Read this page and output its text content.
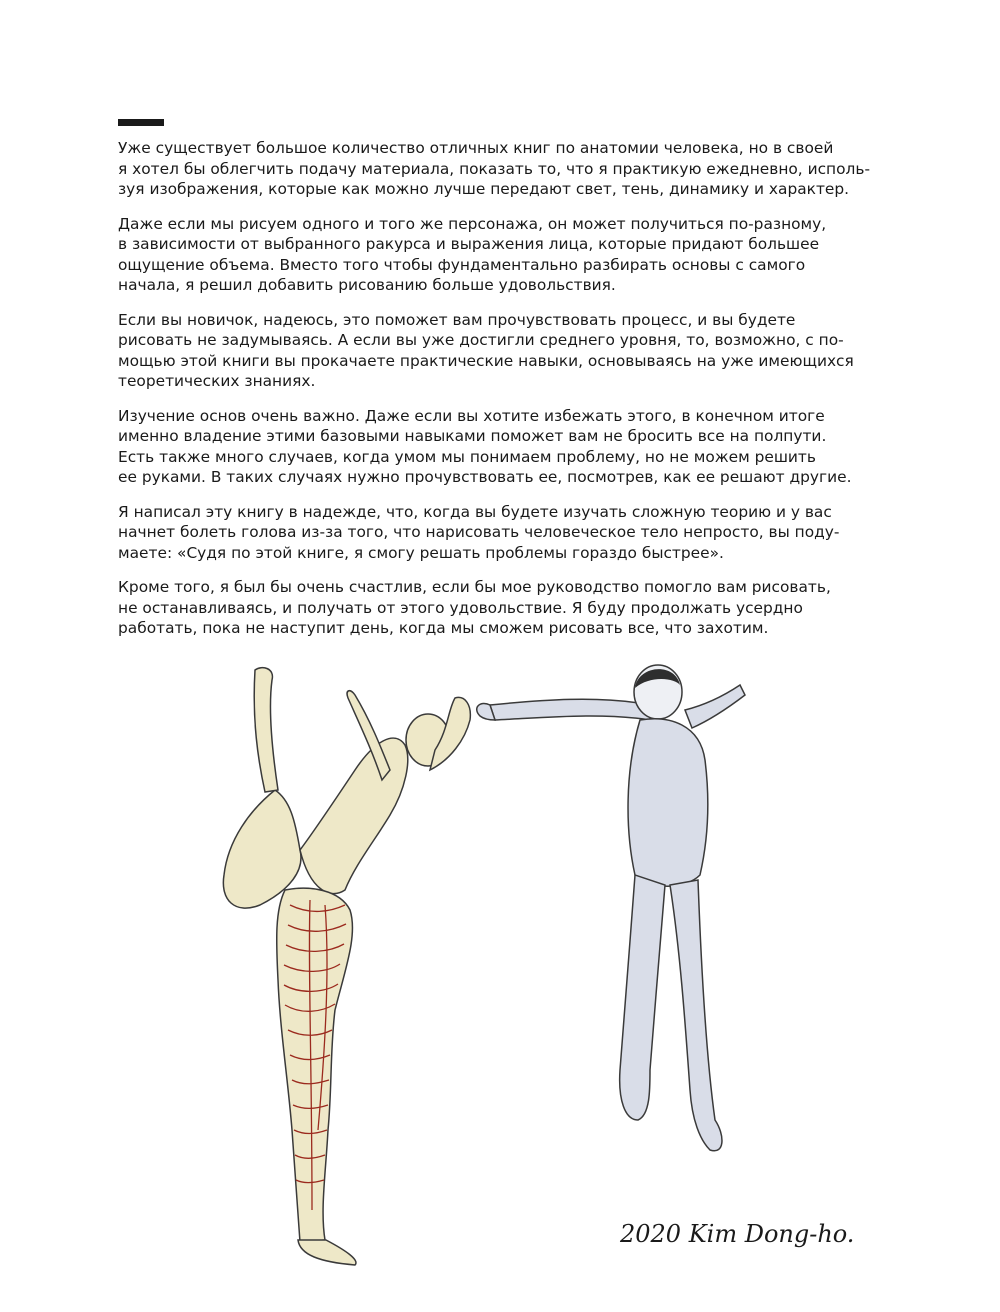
Уже существует большое количество отличных книг по анатомии человека, но в своей
я хотел бы облегчить подачу материала, показать то, что я практикую ежедневно, исполь-
зуя изображения, которые как можно лучше передают свет, тень, динамику и характер.

Даже если мы рисуем одного и того же персонажа, он может получиться по-разному,
в зависимости от выбранного ракурса и выражения лица, которые придают большее
ощущение объема. Вместо того чтобы фундаментально разбирать основы с самого
начала, я решил добавить рисованию больше удовольствия.

Если вы новичок, надеюсь, это поможет вам прочувствовать процесс, и вы будете
рисовать не задумываясь. А если вы уже достигли среднего уровня, то, возможно, с по-
мощью этой книги вы прокачаете практические навыки, основываясь на уже имеющихся
теоретических знаниях.

Изучение основ очень важно. Даже если вы хотите избежать этого, в конечном итоге
именно владение этими базовыми навыками поможет вам не бросить все на полпути.
Есть также много случаев, когда умом мы понимаем проблему, но не можем решить
ее руками. В таких случаях нужно прочувствовать ее, посмотрев, как ее решают другие.

Я написал эту книгу в надежде, что, когда вы будете изучать сложную теорию и у вас
начнет болеть голова из-за того, что нарисовать человеческое тело непросто, вы поду-
маете: «Судя по этой книге, я смогу решать проблемы гораздо быстрее».

Кроме того, я был бы очень счастлив, если бы мое руководство помогло вам рисовать,
не останавливаясь, и получать от этого удовольствие. Я буду продолжать усердно
работать, пока не наступит день, когда мы сможем рисовать все, что захотим.

2020 Kim Dong-ho.
